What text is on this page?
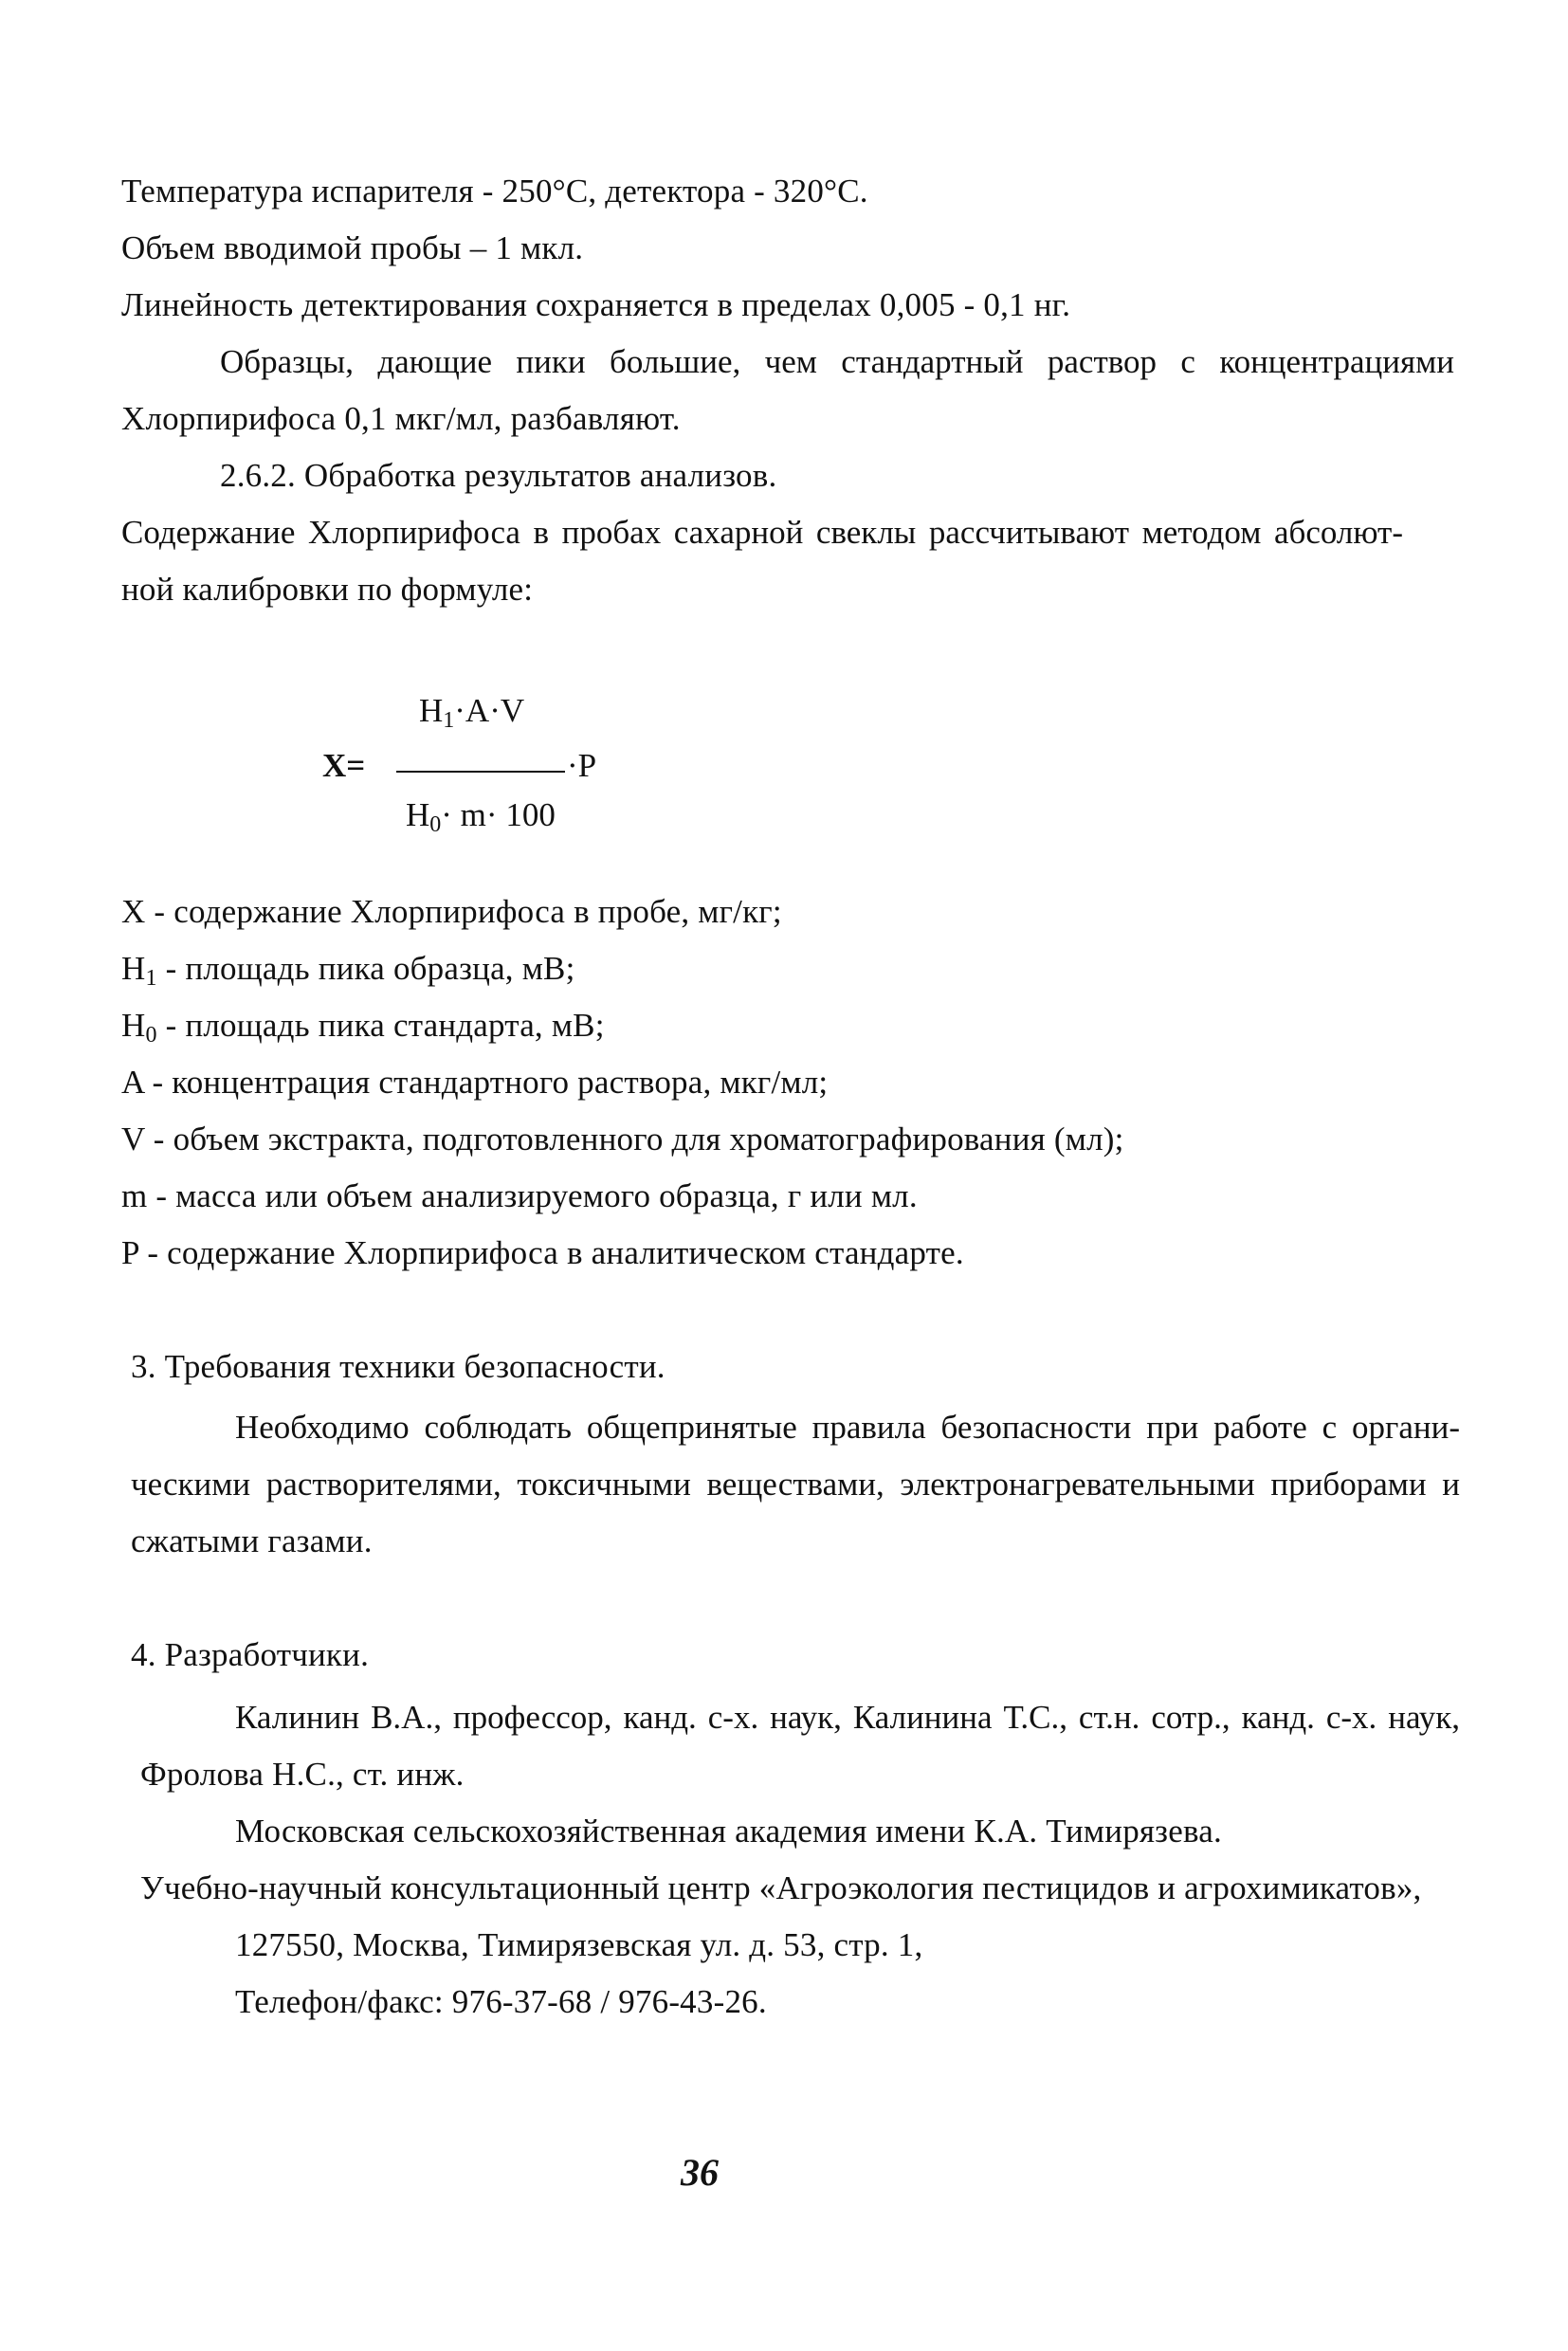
Температура испарителя - 250°С, детектора - 320°С.
Объем вводимой пробы – 1 мкл.
Линейность детектирования сохраняется в пределах 0,005 - 0,1 нг.
Образцы, дающие пики большие, чем стандартный раствор с концентрациями
Хлорпирифоса 0,1 мкг/мл, разбавляют.
2.6.2. Обработка результатов анализов.
Содержание Хлорпирифоса в пробах сахарной свеклы рассчитывают методом абсолют-
ной калибровки по формуле:
X=
$H_1\cdot A\cdot V$
·P
$H_0\cdot m\cdot 100$
X - содержание Хлорпирифоса в пробе, мг/кг;
$H_1$ - площадь пика образца, мВ;
$H_0$ - площадь пика стандарта, мВ;
A - концентрация стандартного раствора, мкг/мл;
V - объем экстракта, подготовленного для хроматографирования (мл);
m - масса или объем анализируемого образца, г или мл.
P - содержание Хлорпирифоса в аналитическом стандарте.
3. Требования техники безопасности.
Необходимо соблюдать общепринятые правила безопасности при работе с органи-
ческими растворителями, токсичными веществами, электронагревательными приборами и
сжатыми газами.
4. Разработчики.
Калинин В.А., профессор, канд. с-х. наук, Калинина Т.С., ст.н. сотр., канд. с-х. наук,
Фролова Н.С., ст. инж.
Московская сельскохозяйственная академия имени К.А. Тимирязева.
Учебно-научный консультационный центр «Агроэкология пестицидов и агрохимикатов»,
127550, Москва, Тимирязевская ул. д. 53, стр. 1,
Телефон/факс: 976-37-68 / 976-43-26.
36
